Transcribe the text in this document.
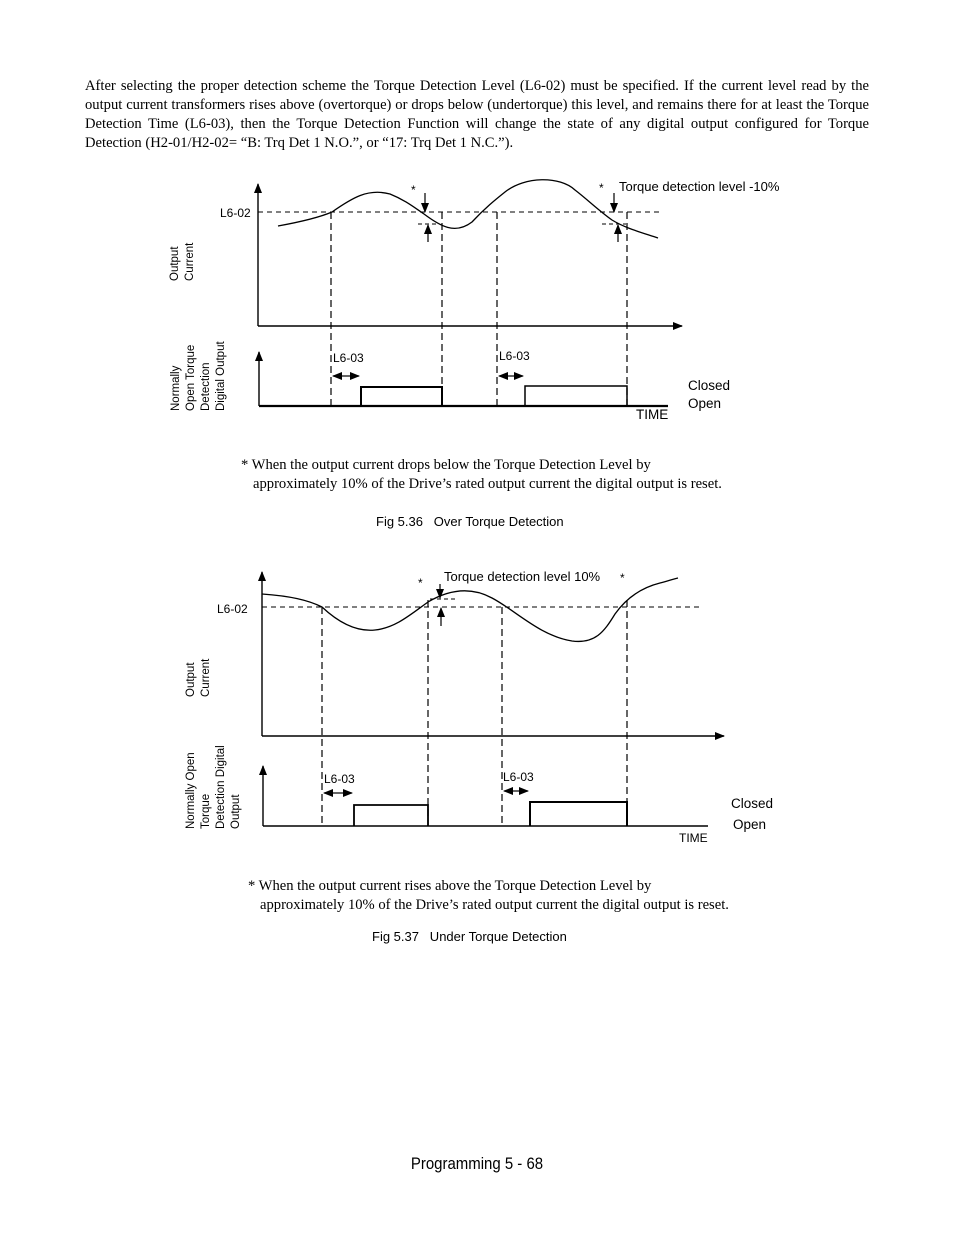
After selecting the proper detection scheme the Torque Detection Level (L6-02) must be specified. If the current level read by the output current transformers rises above (overtorque) or drops below (undertorque) this level, and remains there for at least the Torque Detection Time (L6-03), then the Torque Detection Function will change the state of any digital output configured for Torque Detection (H2-01/H2-02= “B: Trq Det 1 N.O.”, or “17: Trq Det 1 N.C.”).

L6-02
*	* Torque detection level -10%
Output Current
L6-03	L6-03
Normally Open Torque Detection Digital Output	Closed
Open
TIME

* When the output current drops below the Torque Detection Level by
approximately 10% of the Drive’s rated output current the digital output is reset.

Fig 5.36   Over Torque Detection

L6-02
* Torque detection level 10% *
Output Current
L6-03	L6-03
Normally Open Torque Detection Digital Output	Closed
Open
TIME

* When the output current rises above the Torque Detection Level by
approximately 10% of the Drive’s rated output current the digital output is reset.

Fig 5.37   Under Torque Detection

Programming 5 - 68
